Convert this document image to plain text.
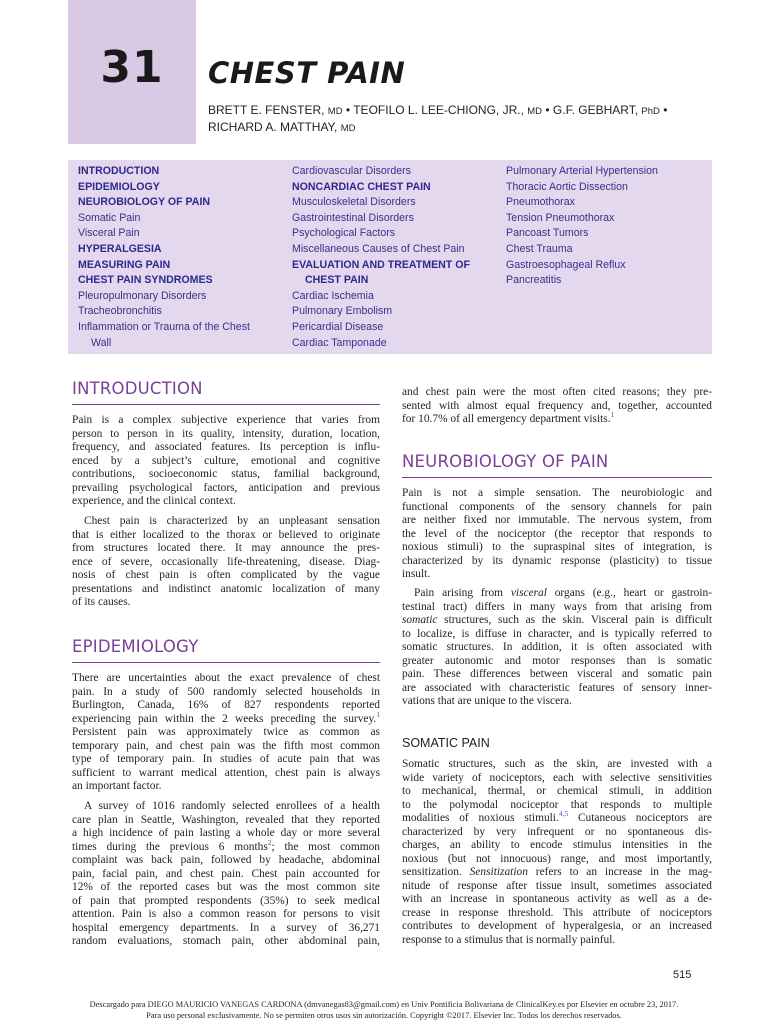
31	CHEST PAIN
BRETT E. FENSTER, MD • TEOFILO L. LEE-CHIONG, JR., MD • G.F. GEBHART, PhD •
RICHARD A. MATTHAY, MD
INTRODUCTION
EPIDEMIOLOGY
NEUROBIOLOGY OF PAIN
Somatic Pain
Visceral Pain
HYPERALGESIA
MEASURING PAIN
CHEST PAIN SYNDROMES
Pleuropulmonary Disorders
Tracheobronchitis
Inflammation or Trauma of the Chest
Wall
Cardiovascular Disorders
NONCARDIAC CHEST PAIN
Musculoskeletal Disorders
Gastrointestinal Disorders
Psychological Factors
Miscellaneous Causes of Chest Pain
EVALUATION AND TREATMENT OF
CHEST PAIN
Cardiac Ischemia
Pulmonary Embolism
Pericardial Disease
Cardiac Tamponade
Pulmonary Arterial Hypertension
Thoracic Aortic Dissection
Pneumothorax
Tension Pneumothorax
Pancoast Tumors
Chest Trauma
Gastroesophageal Reflux
Pancreatitis
INTRODUCTION
Pain is a complex subjective experience that varies from
person to person in its quality, intensity, duration, location,
frequency, and associated features. Its perception is influ-
enced by a subject’s culture, emotional and cognitive
contributions, socioeconomic status, familial background,
prevailing psychological factors, anticipation and previous
experience, and the clinical context.
Chest pain is characterized by an unpleasant sensation
that is either localized to the thorax or believed to originate
from structures located there. It may announce the pres-
ence of severe, occasionally life-threatening, disease. Diag-
nosis of chest pain is often complicated by the vague
presentations and indistinct anatomic localization of many
of its causes.
EPIDEMIOLOGY
There are uncertainties about the exact prevalence of chest
pain. In a study of 500 randomly selected households in
Burlington, Canada, 16% of 827 respondents reported
experiencing pain within the 2 weeks preceding the survey.$^1$
Persistent pain was approximately twice as common as
temporary pain, and chest pain was the fifth most common
type of temporary pain. In studies of acute pain that was
sufficient to warrant medical attention, chest pain is always
an important factor.
A survey of 1016 randomly selected enrollees of a health
care plan in Seattle, Washington, revealed that they reported
a high incidence of pain lasting a whole day or more several
times during the previous 6 months$^2$; the most common
complaint was back pain, followed by headache, abdominal
pain, facial pain, and chest pain. Chest pain accounted for
12% of the reported cases but was the most common site
of pain that prompted respondents (35%) to seek medical
attention. Pain is also a common reason for persons to visit
hospital emergency departments. In a survey of 36,271
random evaluations, stomach pain, other abdominal pain,
and chest pain were the most often cited reasons; they pre-
sented with almost equal frequency and, together, accounted
for 10.7% of all emergency department visits.$^1$
NEUROBIOLOGY OF PAIN
Pain is not a simple sensation. The neurobiologic and
functional components of the sensory channels for pain
are neither fixed nor immutable. The nervous system, from
the level of the nociceptor (the receptor that responds to
noxious stimuli) to the supraspinal sites of integration, is
characterized by its dynamic response (plasticity) to tissue
insult.
Pain arising from visceral organs (e.g., heart or gastroin-
testinal tract) differs in many ways from that arising from
somatic structures, such as the skin. Visceral pain is difficult
to localize, is diffuse in character, and is typically referred to
somatic structures. In addition, it is often associated with
greater autonomic and motor responses than is somatic
pain. These differences between visceral and somatic pain
are associated with characteristic features of sensory inner-
vations that are unique to the viscera.
SOMATIC PAIN
Somatic structures, such as the skin, are invested with a
wide variety of nociceptors, each with selective sensitivities
to mechanical, thermal, or chemical stimuli, in addition
to the polymodal nociceptor that responds to multiple
modalities of noxious stimuli.$^{4,5}$ Cutaneous nociceptors are
characterized by very infrequent or no spontaneous dis-
charges, an ability to encode stimulus intensities in the
noxious (but not innocuous) range, and most importantly,
sensitization. Sensitization refers to an increase in the mag-
nitude of response after tissue insult, sometimes associated
with an increase in spontaneous activity as well as a de-
crease in response threshold. This attribute of nociceptors
contributes to development of hyperalgesia, or an increased
response to a stimulus that is normally painful.
515
Descargado para DIEGO MAURICIO VANEGAS CARDONA (dmvanegas83@gmail.com) en Univ Pontificia Bolivariana de ClinicalKey.es por Elsevier en octubre 23, 2017.
Para uso personal exclusivamente. No se permiten otros usos sin autorización. Copyright ©2017. Elsevier Inc. Todos los derechos reservados.
